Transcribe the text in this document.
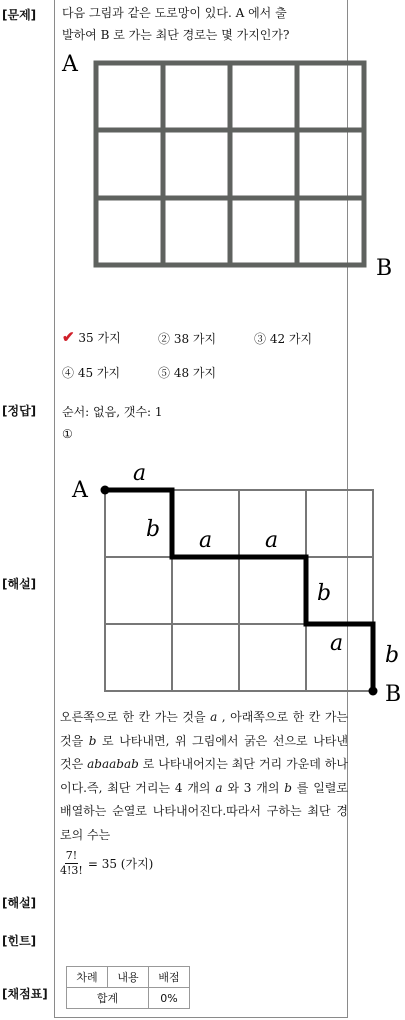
[문제]
[정답]
[해설]
[해설]
[힌트]
[채점표]
다음 그림과 같은 도로망이 있다. A 에서 출
발하여 B 로 가는 최단 경로는 몇 가지인가?
A
B
✔ 35 가지	② 38 가지	③ 42 가지
④ 45 가지	⑤ 48 가지
순서: 없음, 갯수: 1
①
a
b a a
b
a b
A
B
오른쪽으로 한 칸 가는 것을 a , 아래쪽으로 한 칸 가는 것을 b 로 나타내면, 위 그림에서 굵은 선으로 나타낸 것은 abaabab 로 나타내어지는 최단 거리 가운데 하나이다.즉, 최단 거리는 4 개의 a 와 3 개의 b 를 일렬로 배열하는 순열로 나타내어진다.따라서 구하는 최단 경로의 수는
$\frac{7!}{4!3!} = 35$ (가지)
차례	내용	배점
합계		0%
